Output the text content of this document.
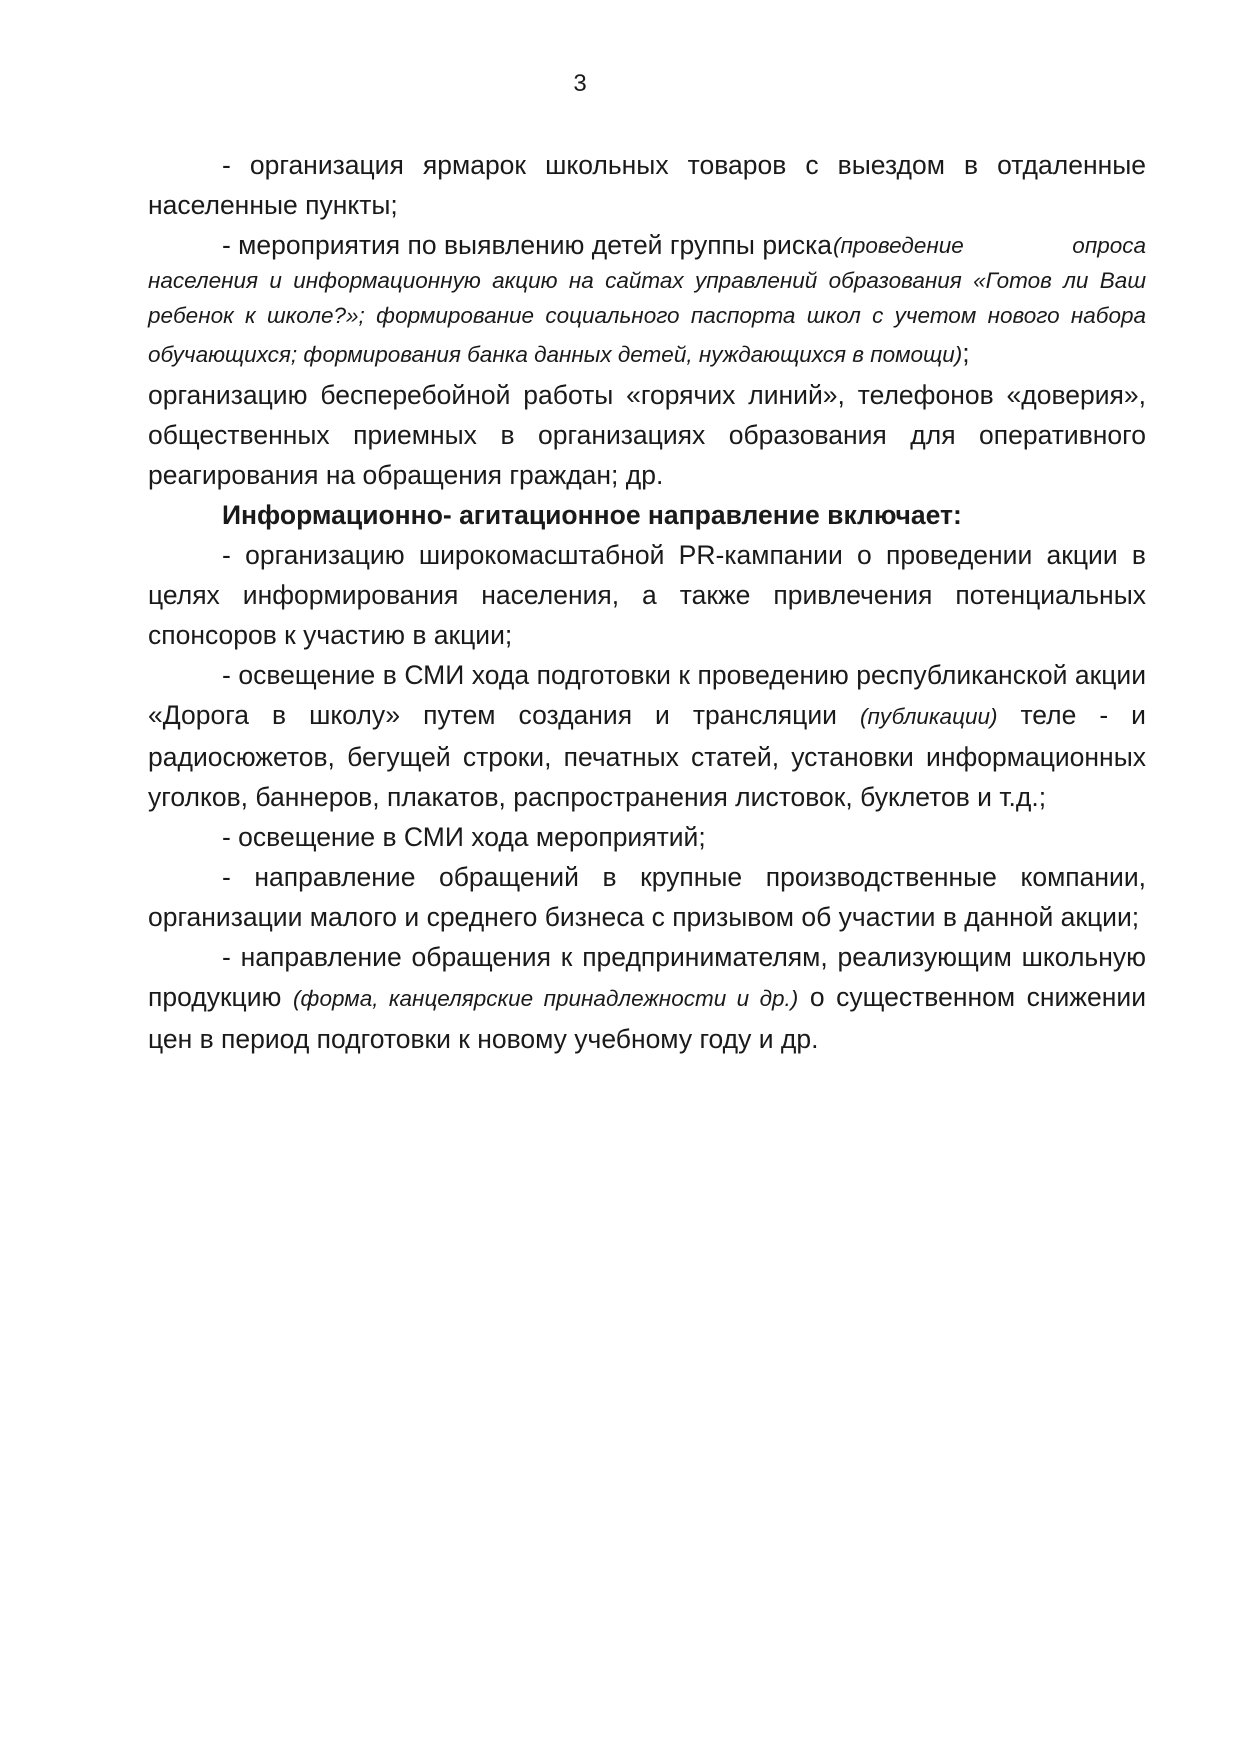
3

- организация ярмарок школьных товаров с выездом в отдаленные населенные пункты;

- мероприятия по выявлению детей группы риска (проведение опроса населения и информационную акцию на сайтах управлений образования «Готов ли Ваш ребенок к школе?»; формирование социального паспорта школ с учетом нового набора обучающихся; формирования банка данных детей, нуждающихся в помощи);

организацию бесперебойной работы «горячих линий», телефонов «доверия», общественных приемных в организациях образования для оперативного реагирования на обращения граждан; др.

Информационно- агитационное направление включает:

- организацию широкомасштабной PR-кампании о проведении акции в целях информирования населения, а также привлечения потенциальных спонсоров к участию в акции;

- освещение в СМИ хода подготовки к проведению республиканской акции «Дорога в школу» путем создания и трансляции (публикации) теле - и радиосюжетов, бегущей строки, печатных статей, установки информационных уголков, баннеров, плакатов, распространения листовок, буклетов и т.д.;

- освещение в СМИ хода мероприятий;

- направление обращений в крупные производственные компании, организации малого и среднего бизнеса с призывом об участии в данной акции;

- направление обращения к предпринимателям, реализующим школьную продукцию (форма, канцелярские принадлежности и др.) о существенном снижении цен в период подготовки к новому учебному году и др.
